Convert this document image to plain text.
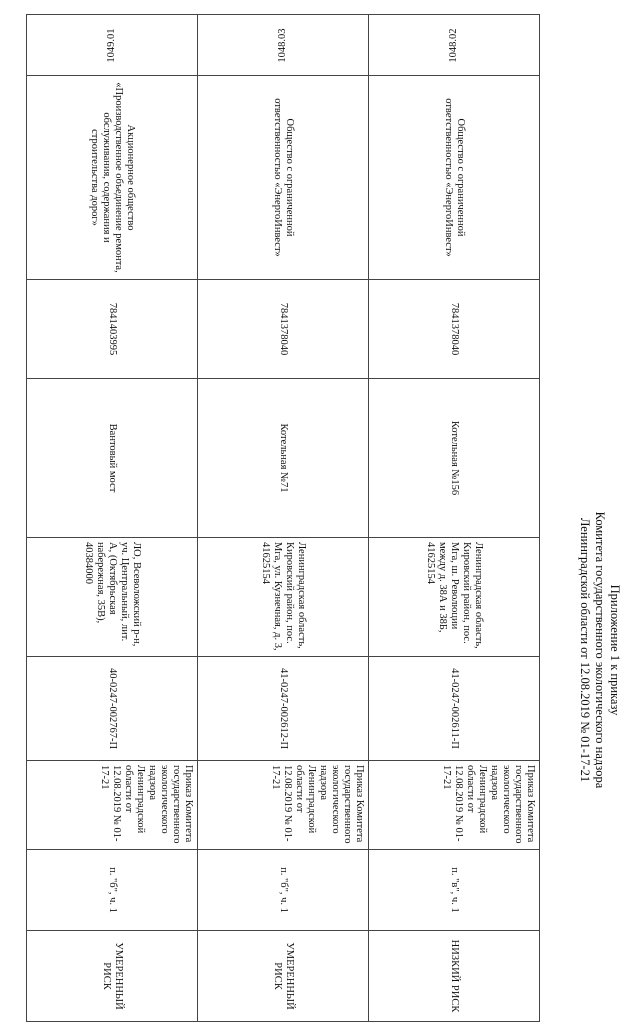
Приложение 1 к приказу
Комитета государственного экологического надзора
Ленинградской области от 12.08.2019 № 01-17-21
1048.02	Общество с ограниченной ответственностью «ЭнергоИнвест»	7841378040	Котельная №156	Ленинградская область, Кировский район, пос. Мга, ш. Революции между д. 38А и 38Б, 41625154	41-0247-002611-П	Приказ Комитета государственного экологического надзора Ленинградской области от 12.08.2019 № 01-17-21	п. "в", ч. 1	НИЗКИЙ РИСК
1048.03	Общество с ограниченной ответственностью «ЭнергоИнвест»	7841378040	Котельная №71	Ленинградская область, Кировский район, пос. Мга, ул. Кузнечная, д. 3, 41625154	41-0247-002612-П	Приказ Комитета государственного экологического надзора Ленинградской области от 12.08.2019 № 01-17-21	п. "б", ч. 1	УМЕРЕННЫЙ РИСК
1049.01	Акционерное общество «Производственное объединение ремонта, обслуживания, содержания и строительства дорог»	7841403995	Вантовый мост	ЛО, Всеволожский р-н, уч. Центральный, лит. А, (Октябрьская набережная, 35В), 40384000	40-0247-002767-П	Приказ Комитета государственного экологического надзора Ленинградской области от 12.08.2019 № 01-17-21	п. "б", ч. 1	УМЕРЕННЫЙ РИСК
